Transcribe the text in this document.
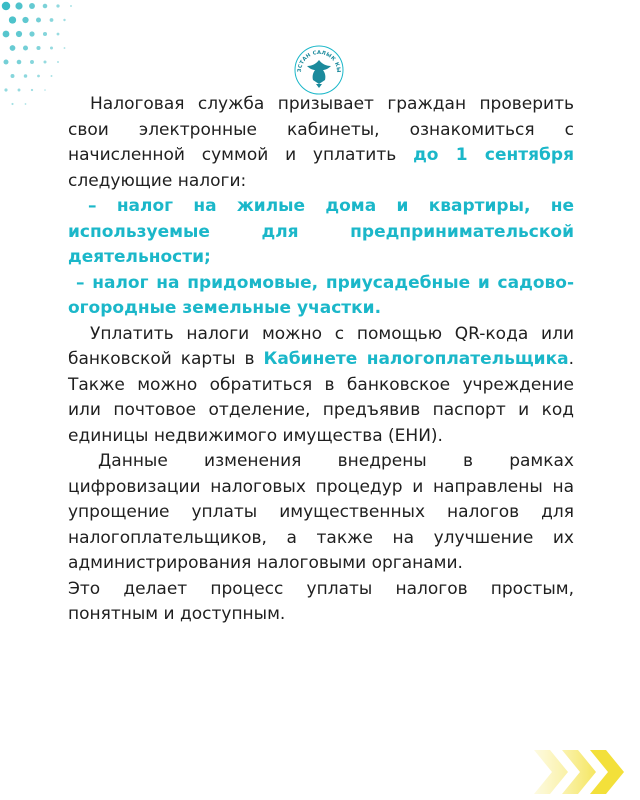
ЗСТАН САЛЫК КЫ

Налоговая служба призывает граждан проверить свои электронные кабинеты, ознакомиться с начисленной суммой и уплатить до 1 сентября следующие налоги:

– налог на жилые дома и квартиры, не используемые для предпринимательской деятельности;

– налог на придомовые, приусадебные и садово-огородные земельные участки.

Уплатить налоги можно с помощью QR-кода или банковской карты в Кабинете налогоплательщика. Также можно обратиться в банковское учреждение или почтовое отделение, предъявив паспорт и код единицы недвижимого имущества (ЕНИ).

Данные изменения внедрены в рамках цифровизации налоговых процедур и направлены на упрощение уплаты имущественных налогов для налогоплательщиков, а также на улучшение их администрирования налоговыми органами.

Это делает процесс уплаты налогов простым, понятным и доступным.
